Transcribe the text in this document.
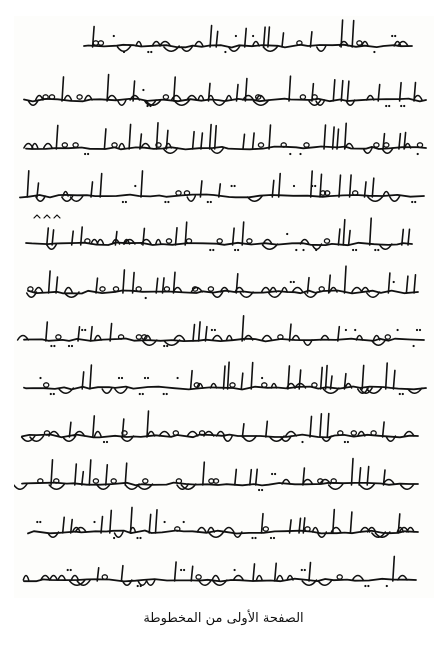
الصفحة الأولى من المخطوطة
